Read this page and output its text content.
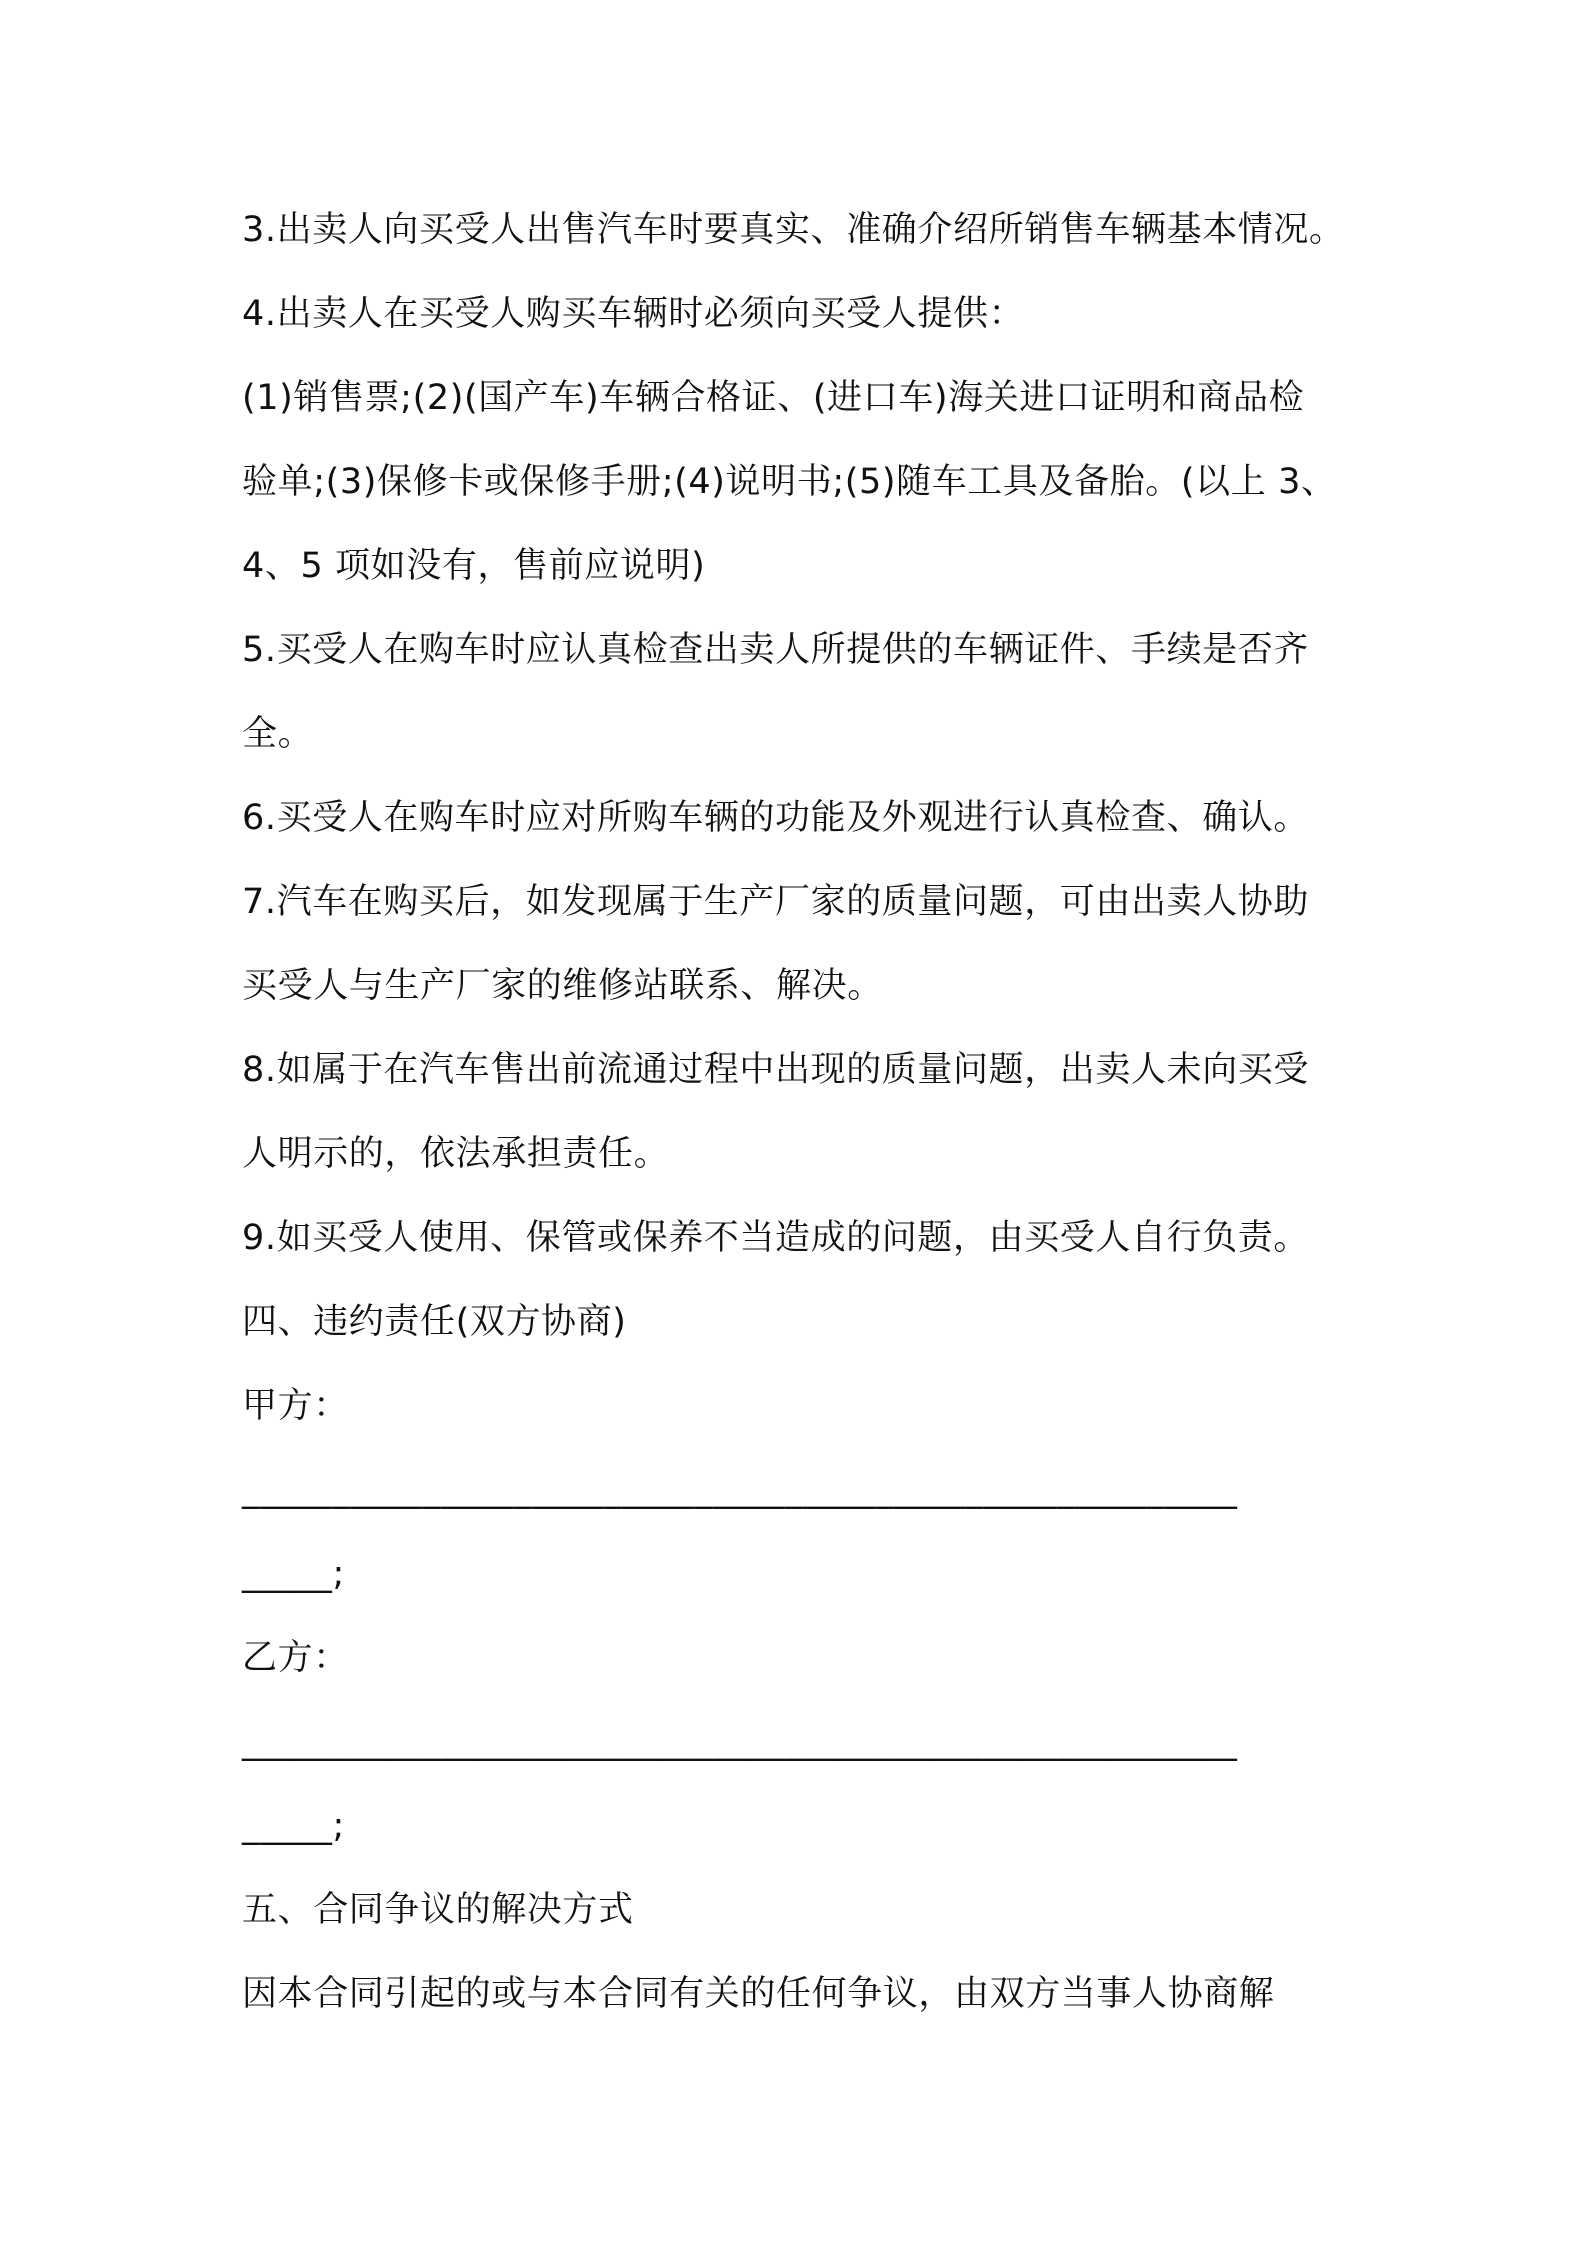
3.出卖人向买受人出售汽车时要真实、准确介绍所销售车辆基本情况。

4.出卖人在买受人购买车辆时必须向买受人提供：

(1)销售票;(2)(国产车)车辆合格证、(进口车)海关进口证明和商品检

验单;(3)保修卡或保修手册;(4)说明书;(5)随车工具及备胎。(以上 3、

4、5 项如没有，售前应说明)

5.买受人在购车时应认真检查出卖人所提供的车辆证件、手续是否齐

全。

6.买受人在购车时应对所购车辆的功能及外观进行认真检查、确认。

7.汽车在购买后，如发现属于生产厂家的质量问题，可由出卖人协助

买受人与生产厂家的维修站联系、解决。

8.如属于在汽车售出前流通过程中出现的质量问题，出卖人未向买受

人明示的，依法承担责任。

9.如买受人使用、保管或保养不当造成的问题，由买受人自行负责。

四、违约责任(双方协商)

甲方：

_______________________________________________________

_____;

乙方：

_______________________________________________________

_____;

五、合同争议的解决方式

因本合同引起的或与本合同有关的任何争议，由双方当事人协商解
